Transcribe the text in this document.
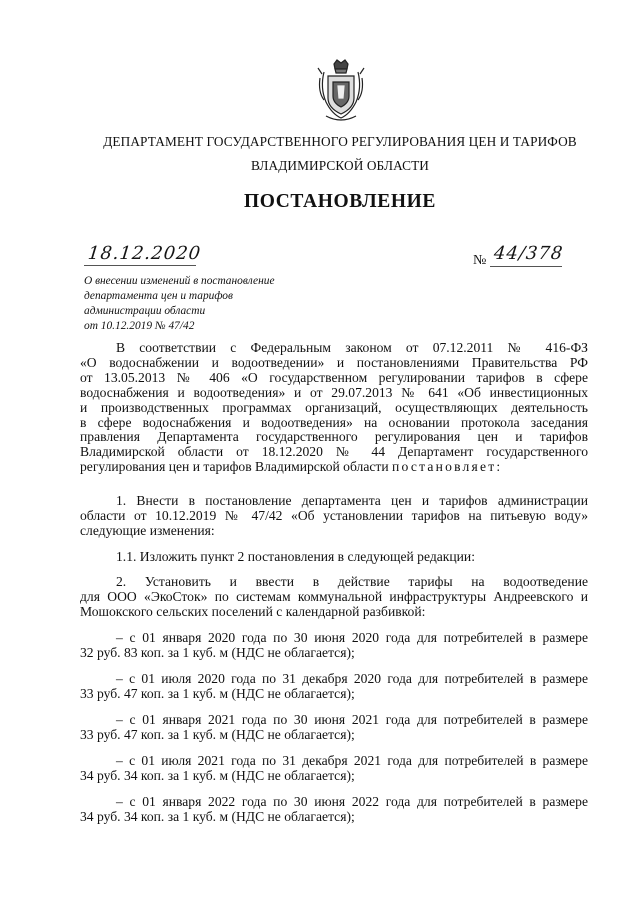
ДЕПАРТАМЕНТ ГОСУДАРСТВЕННОГО РЕГУЛИРОВАНИЯ ЦЕН И ТАРИФОВ
ВЛАДИМИРСКОЙ ОБЛАСТИ
ПОСТАНОВЛЕНИЕ
18.12.2020	№ 44/378
О внесении изменений в постановление
департамента цен и тарифов
администрации области
от 10.12.2019 № 47/42
В соответствии с Федеральным законом от 07.12.2011 № 416-ФЗ
«О водоснабжении и водоотведении» и постановлениями Правительства РФ
от 13.05.2013 № 406 «О государственном регулировании тарифов в сфере
водоснабжения и водоотведения» и от 29.07.2013 № 641 «Об инвестиционных
и производственных программах организаций, осуществляющих деятельность
в сфере водоснабжения и водоотведения» на основании протокола заседания
правления Департамента государственного регулирования цен и тарифов
Владимирской области от 18.12.2020 № 44 Департамент государственного
регулирования цен и тарифов Владимирской области постановляет:
1. Внести в постановление департамента цен и тарифов администрации
области от 10.12.2019 № 47/42 «Об установлении тарифов на питьевую воду»
следующие изменения:
1.1. Изложить пункт 2 постановления в следующей редакции:
2. Установить и ввести в действие тарифы на водоотведение
для ООО «ЭкоСток» по системам коммунальной инфраструктуры Андреевского и
Мошокского сельских поселений с календарной разбивкой:
– с 01 января 2020 года по 30 июня 2020 года для потребителей в размере
32 руб. 83 коп. за 1 куб. м (НДС не облагается);
– с 01 июля 2020 года по 31 декабря 2020 года для потребителей в размере
33 руб. 47 коп. за 1 куб. м (НДС не облагается);
– с 01 января 2021 года по 30 июня 2021 года для потребителей в размере
33 руб. 47 коп. за 1 куб. м (НДС не облагается);
– с 01 июля 2021 года по 31 декабря 2021 года для потребителей в размере
34 руб. 34 коп. за 1 куб. м (НДС не облагается);
– с 01 января 2022 года по 30 июня 2022 года для потребителей в размере
34 руб. 34 коп. за 1 куб. м (НДС не облагается);
